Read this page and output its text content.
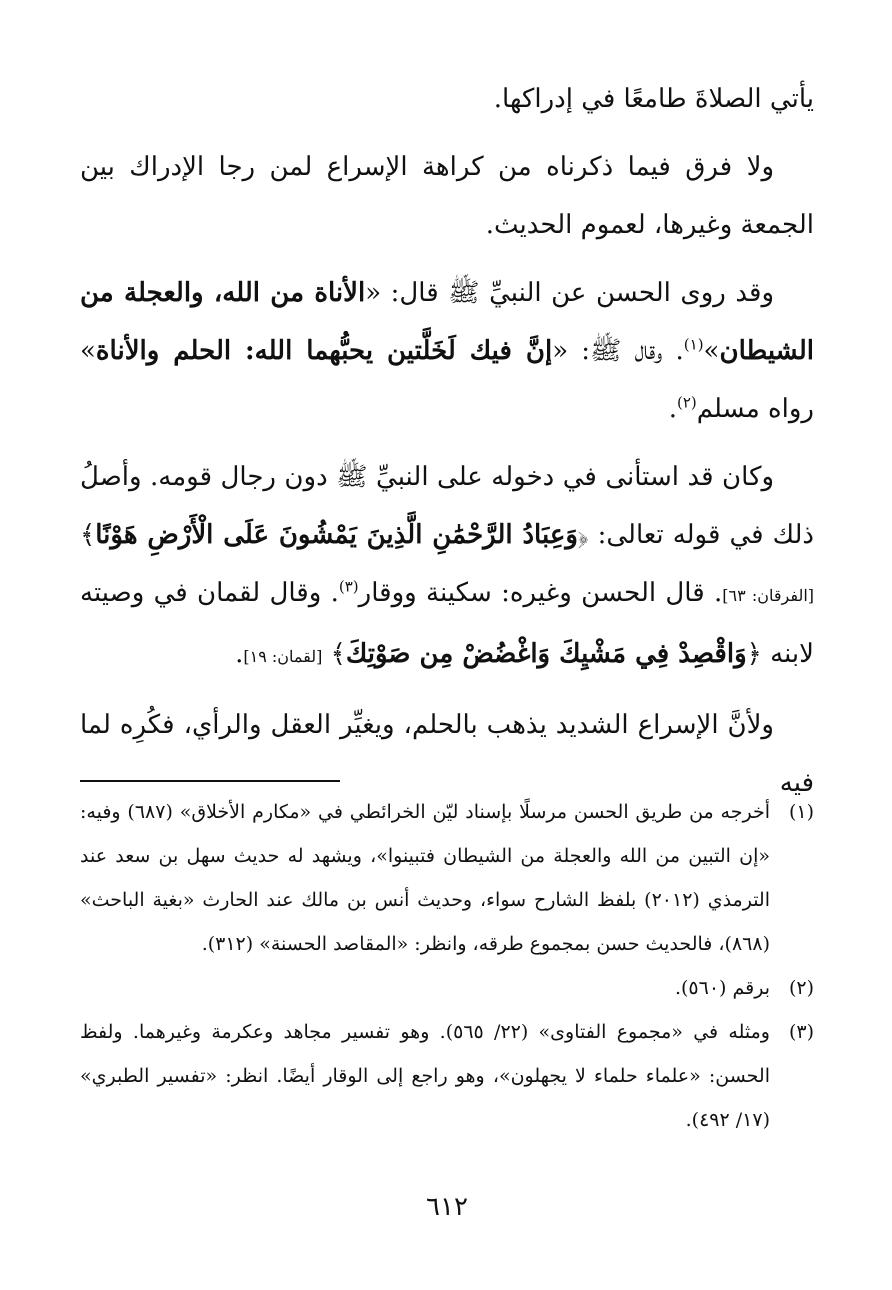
يأتي الصلاةَ طامعًا في إدراكها.

ولا فرق فيما ذكرناه من كراهة الإسراع لمن رجا الإدراك بين الجمعة وغيرها، لعموم الحديث.

وقد روى الحسن عن النبيِّ ﷺ قال: «الأناة من الله، والعجلة من الشيطان»$^{(١)}$. وقال ﷺ: «إنَّ فيك لَخَلَّتين يحبُّهما الله: الحلم والأناة» رواه مسلم$^{(٢)}$.

وكان قد استأنى في دخوله على النبيِّ ﷺ دون رجال قومه. وأصلُ ذلك في قوله تعالى: ﴿وَعِبَادُ الرَّحْمَٰنِ الَّذِينَ يَمْشُونَ عَلَى الْأَرْضِ هَوْنًا﴾ [الفرقان: ٦٣]. قال الحسن وغيره: سكينة ووقار$^{(٣)}$. وقال لقمان في وصيته لابنه ﴿وَاقْصِدْ فِي مَشْيِكَ وَاغْضُضْ مِن صَوْتِكَ﴾ [لقمان: ١٩].

ولأنَّ الإسراع الشديد يذهب بالحلم، ويغيِّر العقل والرأي، فكُرِه لما فيه

(١)
أخرجه من طريق الحسن مرسلًا بإسناد ليّن الخرائطي في «مكارم الأخلاق» (٦٨٧) وفيه: «إن التبين من الله والعجلة من الشيطان فتبينوا»، ويشهد له حديث سهل بن سعد عند الترمذي (٢٠١٢) بلفظ الشارح سواء، وحديث أنس بن مالك عند الحارث «بغية الباحث» (٨٦٨)، فالحديث حسن بمجموع طرقه، وانظر: «المقاصد الحسنة» (٣١٢).
(٢)
برقم (٥٦٠).
(٣)
ومثله في «مجموع الفتاوى» (٢٢/ ٥٦٥). وهو تفسير مجاهد وعكرمة وغيرهما. ولفظ الحسن: «علماء حلماء لا يجهلون»، وهو راجع إلى الوقار أيضًا. انظر: «تفسير الطبري» (١٧/ ٤٩٢).
٦١٢
